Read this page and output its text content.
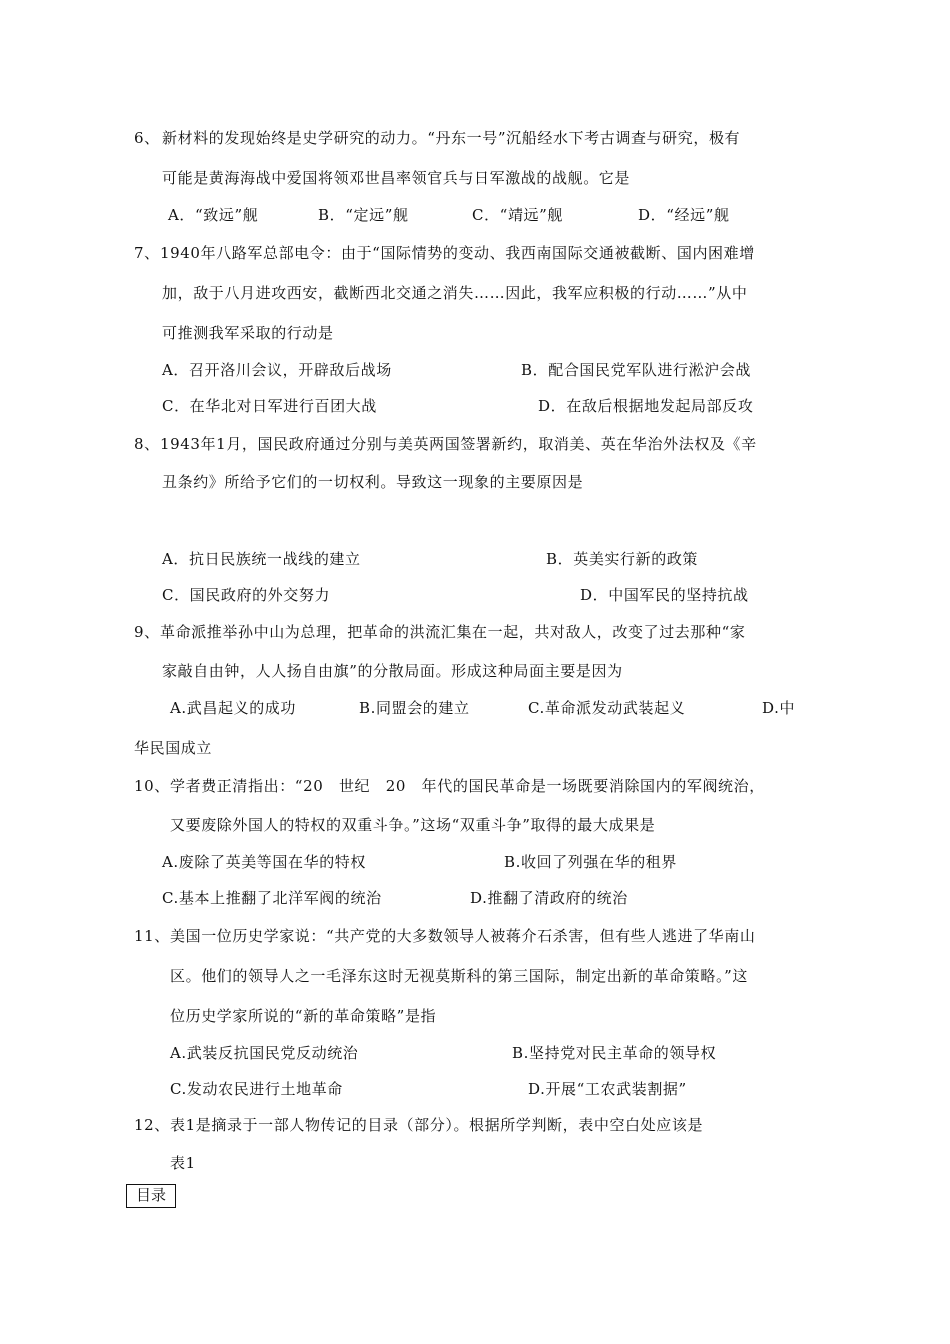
6、 新材料的发现始终是史学研究的动力。“丹东一号”沉船经水下考古调查与研究，极有
可能是黄海海战中爱国将领邓世昌率领官兵与日军激战的战舰。它是
A．“致远”舰	B．“定远”舰	C．“靖远”舰	D．“经远”舰
7、 1940年八路军总部电令：由于“国际情势的变动、我西南国际交通被截断、国内困难增
加，敌于八月进攻西安，截断西北交通之消失……因此，我军应积极的行动……”从中
可推测我军采取的行动是
A．召开洛川会议，开辟敌后战场	B．配合国民党军队进行淞沪会战
C．在华北对日军进行百团大战	D．在敌后根据地发起局部反攻
8、 1943年1月，国民政府通过分别与美英两国签署新约，取消美、英在华治外法权及《辛
丑条约》所给予它们的一切权利。导致这一现象的主要原因是
A．抗日民族统一战线的建立	B．英美实行新的政策
C．国民政府的外交努力	D．中国军民的坚持抗战
9、 革命派推举孙中山为总理，把革命的洪流汇集在一起，共对敌人，改变了过去那种“家
家敲自由钟，人人扬自由旗”的分散局面。形成这种局面主要是因为
A.武昌起义的成功	B.同盟会的建立	C.革命派发动武装起义	D.中
华民国成立
10、 学者费正清指出：“20　世纪　20　年代的国民革命是一场既要消除国内的军阀统治，
又要废除外国人的特权的双重斗争。”这场“双重斗争”取得的最大成果是
A.废除了英美等国在华的特权	B.收回了列强在华的租界
C.基本上推翻了北洋军阀的统治	D.推翻了清政府的统治
11、 美国一位历史学家说：“共产党的大多数领导人被蒋介石杀害，但有些人逃进了华南山
区。他们的领导人之一毛泽东这时无视莫斯科的第三国际，制定出新的革命策略。”这
位历史学家所说的“新的革命策略”是指
A.武装反抗国民党反动统治	B.坚持党对民主革命的领导权
C.发动农民进行土地革命	D.开展“工农武装割据”
12、 表1是摘录于一部人物传记的目录（部分）。根据所学判断，表中空白处应该是
表1
目录
